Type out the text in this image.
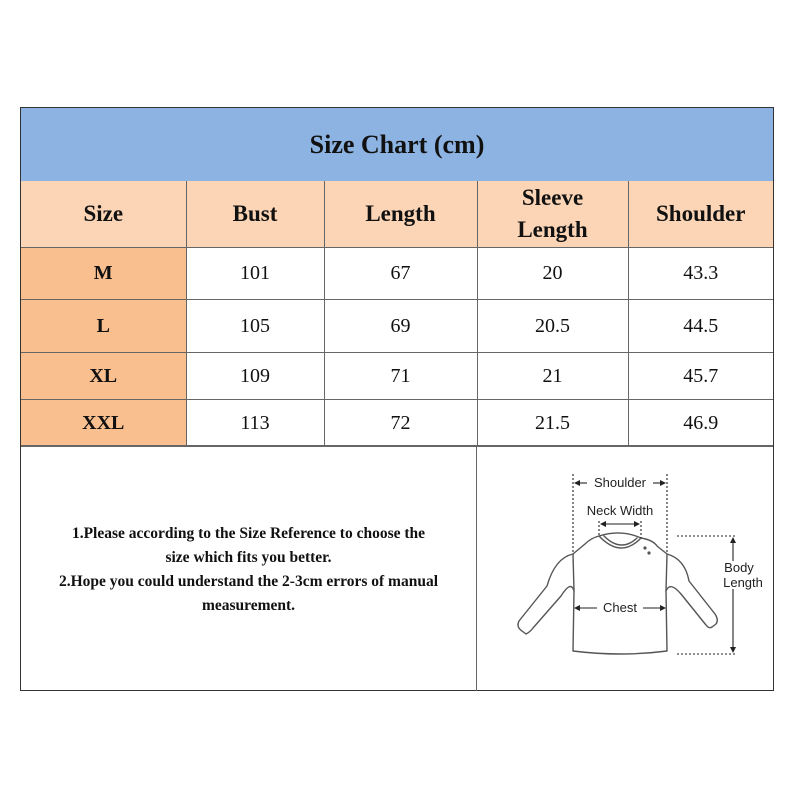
Size Chart (cm)
Size	Bust	Length	Sleeve Length	Shoulder
M	101	67	20	43.3
L	105	69	20.5	44.5
XL	109	71	21	45.7
XXL	113	72	21.5	46.9

1.Please according to the Size Reference to choose the

size which fits you better.

2.Hope you could understand the 2-3cm errors of manual

measurement.

Shoulder
Neck Width
Chest
Body
Length
